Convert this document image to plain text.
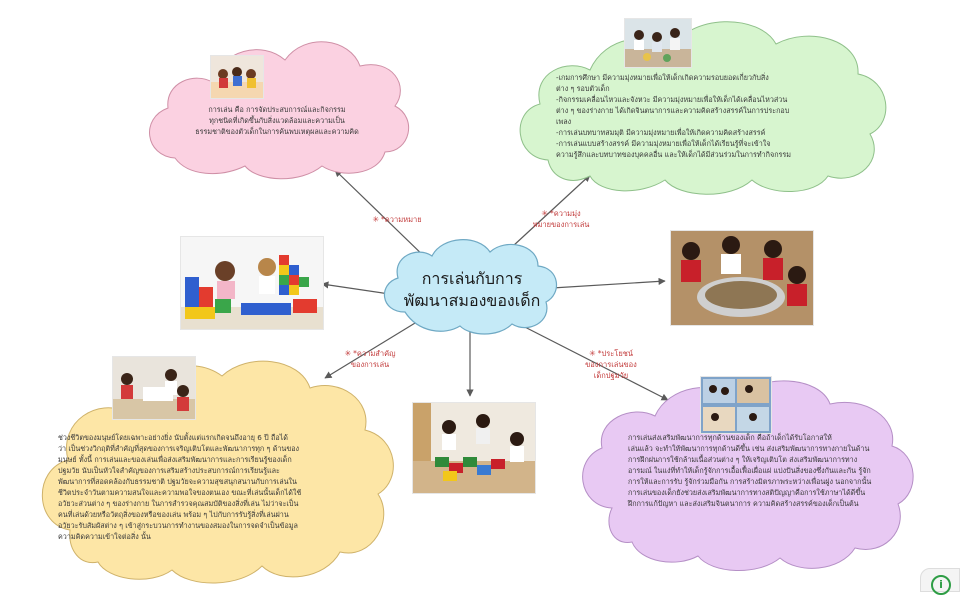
การเล่นกับการ
พัฒนาสมองของเด็ก
การเล่น คือ การจัดประสบการณ์และกิจกรรม
ทุกชนิดที่เกิดขึ้นกับสิ่งแวดล้อมและความเป็น
ธรรมชาติของตัวเด็กในการค้นพบเหตุผลและความคิด
-เกมการศึกษา มีความมุ่งหมายเพื่อให้เด็กเกิดความรอบยอดเกี่ยวกับสิ่ง
ต่าง ๆ รอบตัวเด็ก
-กิจกรรมเคลื่อนไหวและจังหวะ มีความมุ่งหมายเพื่อให้เด็กได้เคลื่อนไหวส่วน
ต่าง ๆ ของร่างกาย ได้เกิดจินตนาการและความคิดสร้างสรรค์ในการประกอบ
เพลง
-การเล่นบทบาทสมมุติ มีความมุ่งหมายเพื่อให้เกิดความคิดสร้างสรรค์
-การเล่นแบบสร้างสรรค์ มีความมุ่งหมายเพื่อให้เด็กได้เรียนรู้ที่จะเข้าใจ
ความรู้สึกและบทบาทของบุคคลอื่น และให้เด็กได้มีส่วนร่วมในการทำกิจกรรม
ช่วงชีวิตของมนุษย์โดยเฉพาะอย่างยิ่ง นับตั้งแต่แรกเกิดจนถึงอายุ 6 ปี ถือได้
ว่า เป็นช่วงวิกฤติที่สำคัญที่สุดของการเจริญเติบโตและพัฒนาการทุก ๆ ด้านของ
มนุษย์ ทั้งนี้ การเล่นและของเล่นเพื่อส่งเสริมพัฒนาการและการเรียนรู้ของเด็ก
ปฐมวัย นับเป็นหัวใจสำคัญของการเสริมสร้างประสบการณ์การเรียนรู้และ
พัฒนาการที่สอดคล้องกับธรรมชาติ ปฐมวัยจะความสุขสนุกสนานกับการเล่นใน
ชีวิตประจำวันตามความสนใจและความพอใจของตนเอง ขณะที่เล่นนั้นเด็กได้ใช้
อวัยวะส่วนต่าง ๆ ของร่างกาย ในการสำรวจคุณสมบัติของสิ่งที่เล่น ไม่ว่าจะเป็น
คนที่เล่นด้วยหรือวัตถุสิ่งของหรือของเล่น พร้อม ๆ ไปกับการรับรู้สิ่งที่เล่นผ่าน
อวัยวะรับสัมผัสต่าง ๆ เข้าสู่กระบวนการทำงานของสมองในการจดจำเป็นข้อมูล
ความคิดความเข้าใจต่อสิ่ง นั้น
การเล่นส่งเสริมพัฒนาการทุกด้านของเด็ก คือถ้าเด็กได้รับโอกาสให้
เล่นแล้ว จะทำให้พัฒนาการทุกด้านดีขึ้น เช่น ส่งเสริมพัฒนาการทางกายในด้าน
การฝึกฝนการใช้กล้ามเนื้อส่วนต่าง ๆ ให้เจริญเติบโต ส่งเสริมพัฒนาการทาง
อารมณ์ ในแง่ที่ทำให้เด็กรู้จักการเอื้อเฟื้อเผื่อแผ่ แบ่งปันสิ่งของซึ่งกันและกัน รู้จัก
การให้และการรับ รู้จักร่วมมือกัน การสร้างมิตรภาพระหว่างเพื่อนฝูง นอกจากนั้น
การเล่นของเด็กยังช่วยส่งเสริมพัฒนาการทางสติปัญญาคือการใช้ภาษาได้ดีขึ้น
ฝึกการแก้ปัญหา และส่งเสริมจินตนาการ ความคิดสร้างสรรค์ของเด็กเป็นต้น
✳ *ความหมาย
✳ *ความมุ่ง
หมายของการเล่น
✳ *ความสำคัญ
ของการเล่น
✳ *ประโยชน์
ของการเล่นของ
เด็กปฐมวัย
i
